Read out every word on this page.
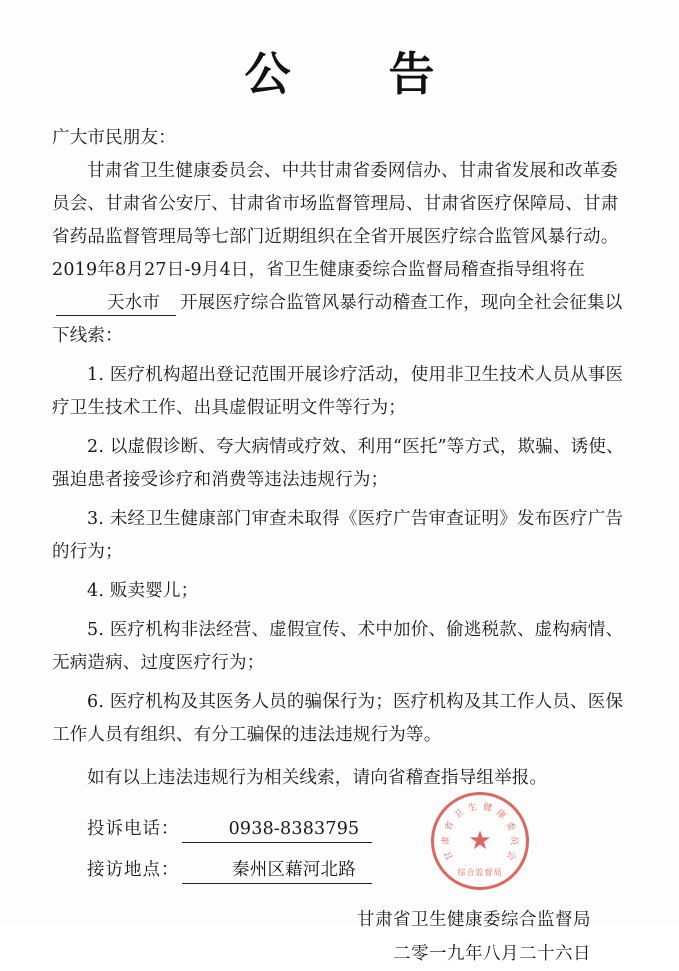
公　告

广大市民朋友：

甘肃省卫生健康委员会、中共甘肃省委网信办、甘肃省发展和改革委员会、甘肃省公安厅、甘肃省市场监督管理局、甘肃省医疗保障局、甘肃省药品监督管理局等七部门近期组织在全省开展医疗综合监管风暴行动。2019年8月27日-9月4日，省卫生健康委综合监督局稽查指导组将在天水市 开展医疗综合监管风暴行动稽查工作，现向全社会征集以下线索：

1. 医疗机构超出登记范围开展诊疗活动，使用非卫生技术人员从事医疗卫生技术工作、出具虚假证明文件等行为；

2. 以虚假诊断、夸大病情或疗效、利用“医托”等方式，欺骗、诱使、强迫患者接受诊疗和消费等违法违规行为；

3. 未经卫生健康部门审查未取得《医疗广告审查证明》发布医疗广告的行为；

4. 贩卖婴儿；

5. 医疗机构非法经营、虚假宣传、术中加价、偷逃税款、虚构病情、无病造病、过度医疗行为；

6. 医疗机构及其医务人员的骗保行为；医疗机构及其工作人员、医保工作人员有组织、有分工骗保的违法违规行为等。

如有以上违法违规行为相关线索，请向省稽查指导组举报。

投诉电话：	0938-8383795
接访地点：	秦州区藉河北路
甘肃省卫生健康委综合监督局
二零一九年八月二十六日
甘
肃
省
卫 生 健 康
委
员
会
★
综合监督局
